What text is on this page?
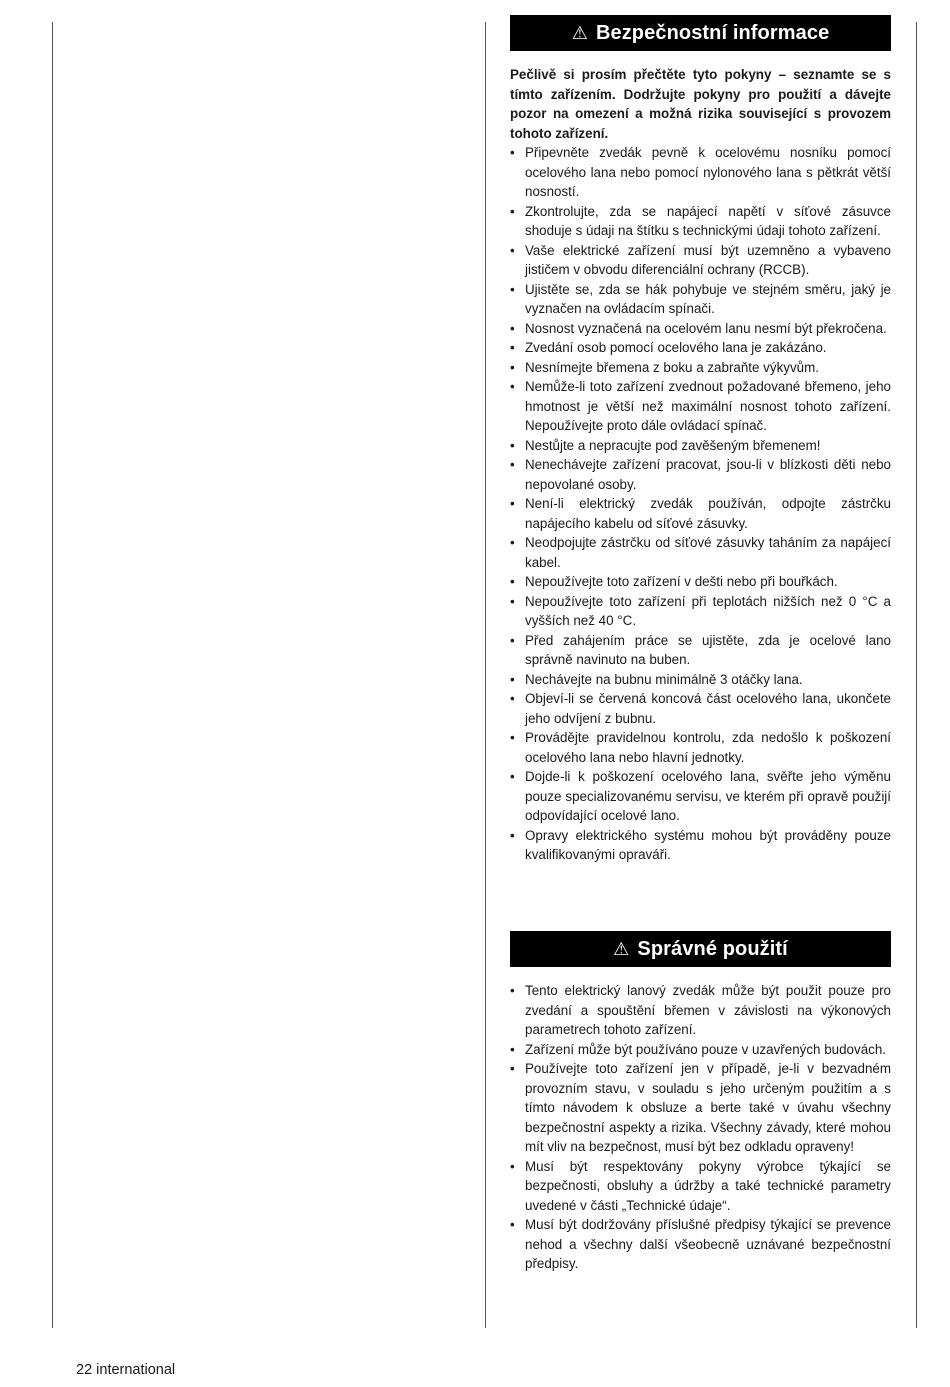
⚠ Bezpečnostní informace

Pečlivě si prosím přečtěte tyto pokyny – seznamte se s tímto zařízením. Dodržujte pokyny pro použití a dávejte pozor na omezení a možná rizika související s provozem tohoto zařízení.

• Připevněte zvedák pevně k ocelovému nosníku pomocí ocelového lana nebo pomocí nylonového lana s pětkrát větší nosností.
• Zkontrolujte, zda se napájecí napětí v síťové zásuvce shoduje s údaji na štítku s technickými údaji tohoto zařízení.
• Vaše elektrické zařízení musí být uzemněno a vybaveno jističem v obvodu diferenciální ochrany (RCCB).
• Ujistěte se, zda se hák pohybuje ve stejném směru, jaký je vyznačen na ovládacím spínači.
• Nosnost vyznačená na ocelovém lanu nesmí být překročena.
• Zvedání osob pomocí ocelového lana je zakázáno.
• Nesnímejte břemena z boku a zabraňte výkyvům.
• Nemůže-li toto zařízení zvednout požadované břemeno, jeho hmotnost je větší než maximální nosnost tohoto zařízení. Nepoužívejte proto dále ovládací spínač.
• Nestůjte a nepracujte pod zavěšeným břemenem!
• Nenechávejte zařízení pracovat, jsou-li v blízkosti děti nebo nepovolané osoby.
• Není-li elektrický zvedák používán, odpojte zástrčku napájecího kabelu od síťové zásuvky.
• Neodpojujte zástrčku od síťové zásuvky taháním za napájecí kabel.
• Nepoužívejte toto zařízení v dešti nebo při bouřkách.
• Nepoužívejte toto zařízení při teplotách nižších než 0 °C a vyšších než 40 °C.
• Před zahájením práce se ujistěte, zda je ocelové lano správně navinuto na buben.
• Nechávejte na bubnu minimálně 3 otáčky lana.
• Objeví-li se červená koncová část ocelového lana, ukončete jeho odvíjení z bubnu.
• Provádějte pravidelnou kontrolu, zda nedošlo k poškození ocelového lana nebo hlavní jednotky.
• Dojde-li k poškození ocelového lana, svěřte jeho výměnu pouze specializovanému servisu, ve kterém při opravě použijí odpovídající ocelové lano.
• Opravy elektrického systému mohou být prováděny pouze kvalifikovanými opraváři.
⚠ Správné použití
• Tento elektrický lanový zvedák může být použit pouze pro zvedání a spouštění břemen v závislosti na výkonových parametrech tohoto zařízení.
• Zařízení může být používáno pouze v uzavřených budovách.
• Používejte toto zařízení jen v případě, je-li v bezvadném provozním stavu, v souladu s jeho určeným použitím a s tímto návodem k obsluze a berte také v úvahu všechny bezpečnostní aspekty a rizika. Všechny závady, které mohou mít vliv na bezpečnost, musí být bez odkladu opraveny!
• Musí být respektovány pokyny výrobce týkající se bezpečnosti, obsluhy a údržby a také technické parametry uvedené v části „Technické údaje“.
• Musí být dodržovány příslušné předpisy týkající se prevence nehod a všechny další všeobecně uznávané bezpečnostní předpisy.
22 international
